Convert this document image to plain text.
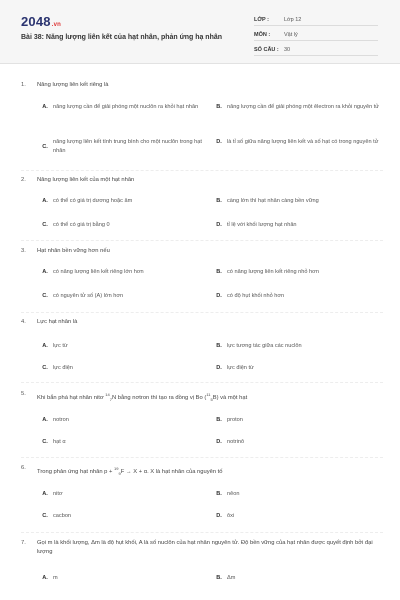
2048.vn
Bài 38: Năng lượng liên kết của hạt nhân, phản ứng hạ nhân
LỚP :	Lớp 12
MÔN :	Vật lý
SỐ CÂU : 30
1.	Năng lượng liên kết riêng là
A. năng lượng cần để giải phóng một nuclôn ra khỏi hạt nhân	B. năng lượng cần để giải phóng một êlectron ra khỏi nguyên tử
C.
năng lượng liên kết tính trung bình cho một nuclôn trong hạt nhân
D. là tỉ số giữa năng lượng liên kết và số hạt có trong nguyên tử
2.	Năng lượng liên kết của một hạt nhân
A. có thể có giá trị dương hoặc âm	B. càng lớn thì hạt nhân càng bền vững
C. có thể có giá trị bằng 0	D. tỉ lệ với khối lượng hạt nhân
3.	Hạt nhân bền vững hơn nếu
A. có năng lượng liên kết riêng lớn hơn	B. có năng lượng liên kết riêng nhỏ hơn
C. có nguyên tử số (A) lớn hơn	D. có độ hụt khối nhỏ hơn
4.	Lực hạt nhân là
A. lực từ	B. lực tương tác giữa các nuclôn
C. lực điện	D. lực điện từ
5.
Khi bắn phá hạt nhân nitơ $^{14}_7$N bằng nơtron thì tạo ra đồng vị Bo ($^{11}_5$B) và một hạt
A. notron	B. proton
C. hạt α	D. notrinô
6.
Trong phản ứng hạt nhân p + $^{19}_9$F → X + α. X là hạt nhân của nguyên tố
A. nitơ	B. nêon
C. cacbon	D. ôxi
7.	Gọi m là khối lượng, Δm là độ hụt khối, A là số nuclôn của hạt nhân nguyên tử. Độ bền vững của hạt nhân được quyết định bởi đại lượng
A. m	B. Δm
